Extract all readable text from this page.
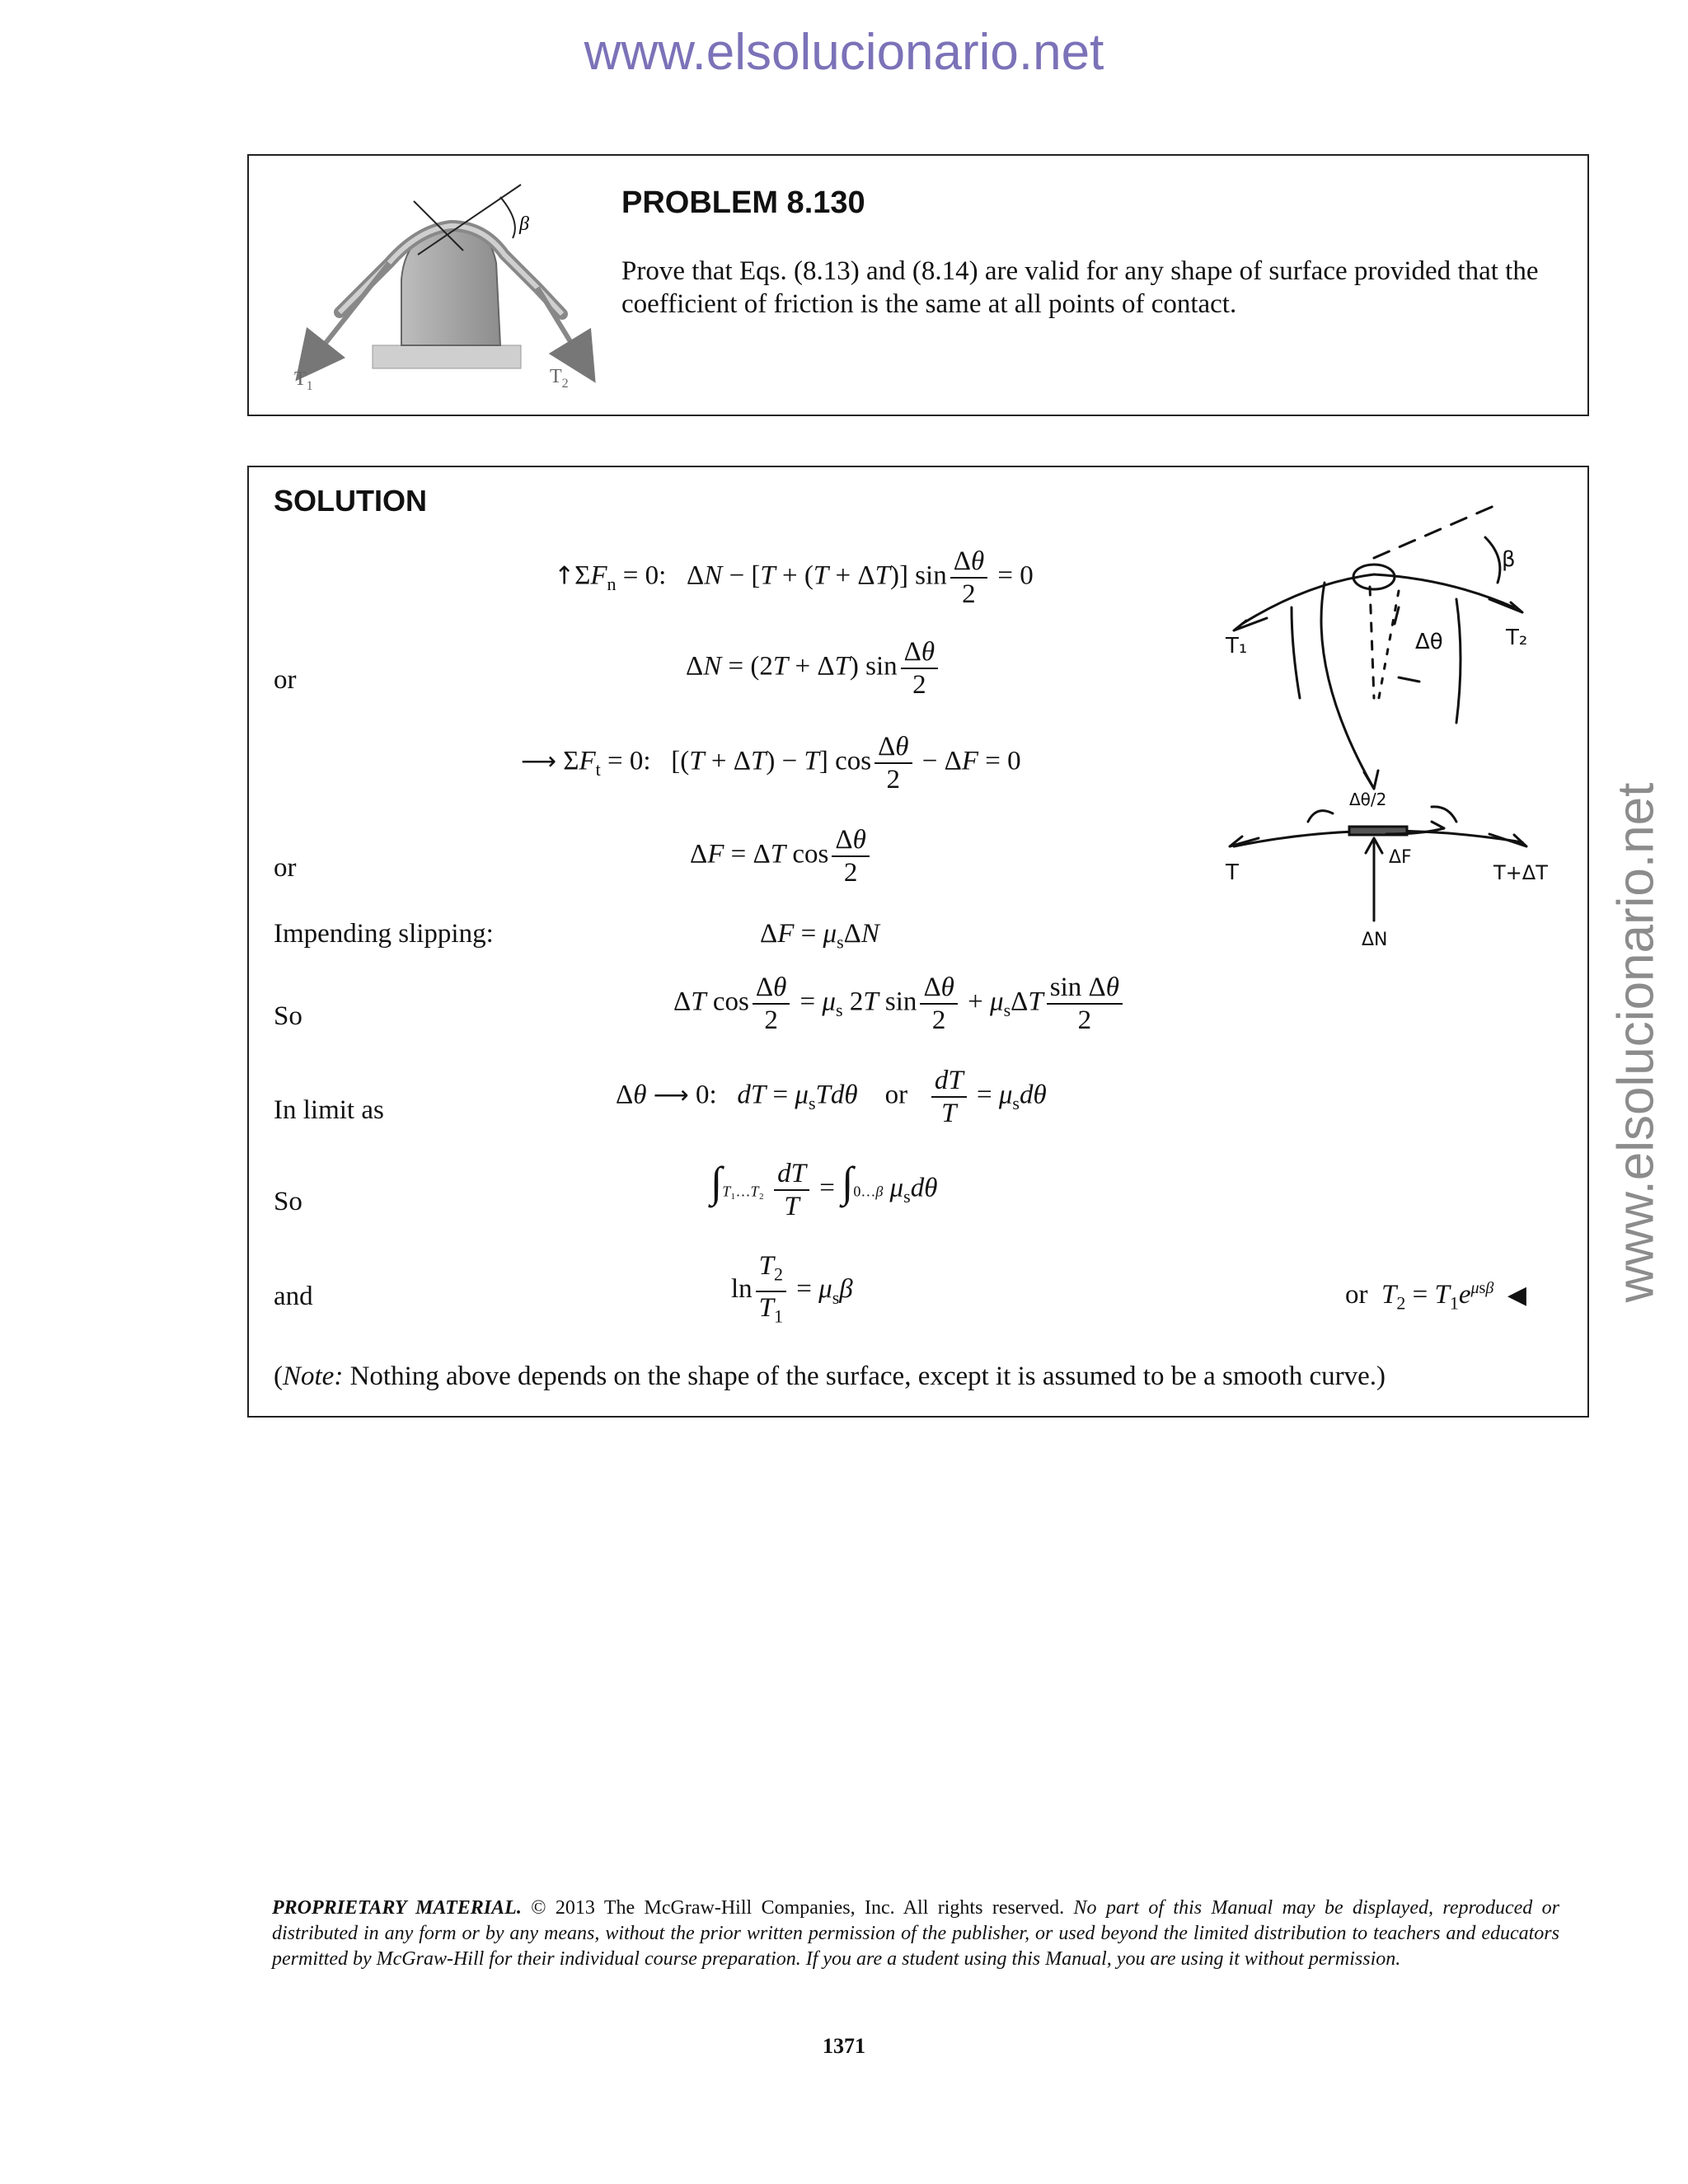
www.elsolucionario.net
www.elsolucionario.net
β
$T_1$	$T_2$
PROBLEM 8.130
Prove that Eqs. (8.13) and (8.14) are valid for any shape of surface provided that the coefficient of friction is the same at all points of contact.
SOLUTION
$↑\Sigma F_n = 0$:   ΔN − [T + (T + ΔT)] $\sin \frac{\Delta\theta}{2} = 0$
or	ΔN = (2T + ΔT) $\sin \frac{\Delta\theta}{2}$
⟶ $\Sigma F_t = 0$:   [(T + ΔT) − T] $\cos \frac{\Delta\theta}{2} - \Delta F = 0$
or	ΔF = ΔT $\cos \frac{\Delta\theta}{2}$
Impending slipping:	$\Delta F = \mu_s\Delta N$
So	ΔT $\cos \frac{\Delta\theta}{2} = \mu_s$ 2T $\sin \frac{\Delta\theta}{2} + \mu_s\Delta T \frac{\text{sin Δθ}}{2}$
In limit as
Δθ ⟶ 0:   dT = $\mu_sTd\theta$    or $\frac{dT}{T} = \mu_sd\theta$
So	∫T₁…T₂ $\frac{dT}{T}$ = ∫0…β $\mu_sd\theta$
and	$\ln \frac{T_2}{T_1} = \mu_s\beta$	or $T_2 = T_1e^{\mu s\beta}$ ◀
(Note: Nothing above depends on the shape of the surface, except it is assumed to be a smooth curve.)
T₁	T₂
Δθ
β
Δθ/2
T
ΔF
T+ΔT
ΔN
PROPRIETARY MATERIAL. © 2013 The McGraw-Hill Companies, Inc. All rights reserved. No part of this Manual may be displayed, reproduced or distributed in any form or by any means, without the prior written permission of the publisher, or used beyond the limited distribution to teachers and educators permitted by McGraw-Hill for their individual course preparation. If you are a student using this Manual, you are using it without permission.
1371
